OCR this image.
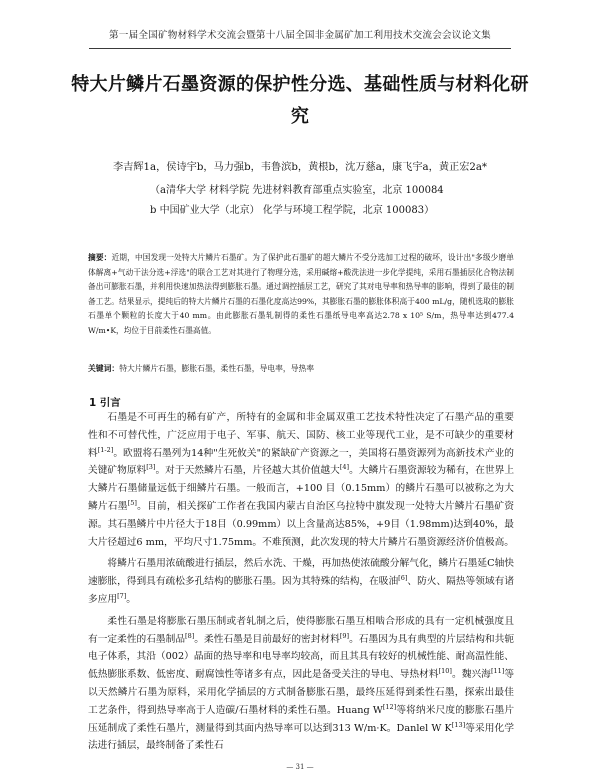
第一届全国矿物材料学术交流会暨第十八届全国非金属矿加工利用技术交流会会议论文集
特大片鳞片石墨资源的保护性分选、基础性质与材料化研究
李吉辉1a，侯诗宇b，马力强b，韦鲁滨b，黄根b，沈万慈a，康飞宇a，黄正宏2a*
（a清华大学 材料学院 先进材料教育部重点实验室，北京 100084
b 中国矿业大学（北京） 化学与环境工程学院，北京 100083）
摘要：近期，中国发现一处特大片鳞片石墨矿。为了保护此石墨矿的超大鳞片不受分选加工过程的破坏，设计出"多级少磨单体解离+气动干法分选+浮选"的联合工艺对其进行了物理分选，采用碱熔+酸洗法进一步化学提纯，采用石墨插层化合物法制备出可膨胀石墨，并利用快速加热法得到膨胀石墨。通过调控插层工艺，研究了其对电导率和热导率的影响，得到了最佳的制备工艺。结果显示，提纯后的特大片鳞片石墨的石墨化度高达99%，其膨胀石墨的膨胀体积高于400 mL/g，随机选取的膨胀石墨单个颗粒的长度大于40 mm。由此膨胀石墨轧制得的柔性石墨纸导电率高达2.78 x 10⁵ S/m，热导率达到477.4 W/m•K，均位于目前柔性石墨高值。
关键词：特大片鳞片石墨，膨胀石墨，柔性石墨，导电率，导热率
1 引言

石墨是不可再生的稀有矿产，所特有的金属和非金属双重工艺技术特性决定了石墨产品的重要性和不可替代性，广泛应用于电子、军事、航天、国防、核工业等现代工业，是不可缺少的重要材料[1-2]。欧盟将石墨列为14种"生死攸关"的紧缺矿产资源之一，美国将石墨资源列为高新技术产业的关键矿物原料[3]。对于天然鳞片石墨，片径越大其价值越大[4]。大鳞片石墨资源较为稀有，在世界上大鳞片石墨储量远低于细鳞片石墨。一般而言，+100 目（0.15mm）的鳞片石墨可以被称之为大鳞片石墨[5]。目前，相关探矿工作者在我国内蒙古自治区乌拉特中旗发现一处特大片鳞片石墨矿资源。其石墨鳞片中片径大于18目（0.99mm）以上含量高达85%，+9目（1.98mm)达到40%，最大片径超过6 mm，平均尺寸1.75mm。不难预测，此次发现的特大片鳞片石墨资源经济价值极高。

将鳞片石墨用浓硫酸进行插层，然后水洗、干燥，再加热使浓硫酸分解气化，鳞片石墨延C轴快速膨胀，得到具有疏松多孔结构的膨胀石墨。因为其特殊的结构，在吸油[6]、防火、隔热等领域有诸多应用[7]。

柔性石墨是将膨胀石墨压制或者轧制之后，使得膨胀石墨互相啮合形成的具有一定机械强度且有一定柔性的石墨制品[8]。柔性石墨是目前最好的密封材料[9]。石墨因为具有典型的片层结构和共轭电子体系，其沿（002）晶面的热导率和电导率均较高，而且其具有较好的机械性能、耐高温性能、低热膨胀系数、低密度、耐腐蚀性等诸多有点，因此是备受关注的导电、导热材料[10]。魏兴海[11]等以天然鳞片石墨为原料，采用化学插层的方式制备膨胀石墨，最终压延得到柔性石墨，探索出最佳工艺条件，得到热导率高于人造碳/石墨材料的柔性石墨。Huang W[12]等将纳米尺度的膨胀石墨片压延制成了柔性石墨片，测量得到其面内热导率可以达到313 W/m·K。Danlel W K[13]等采用化学法进行插层，最终制备了柔性石

— 31 —
